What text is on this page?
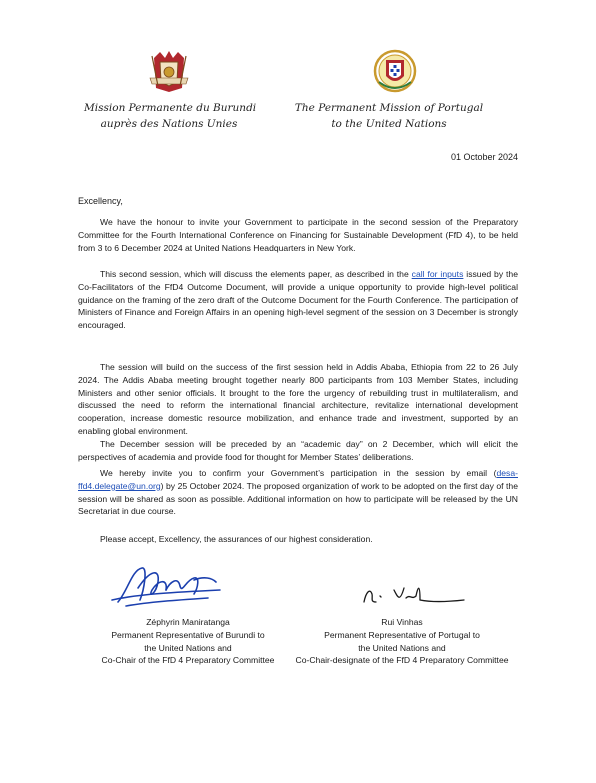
Mission Permanente du Burundi
auprès des Nations Unies
The Permanent Mission of Portugal
to the United Nations
01 October 2024
Excellency,

We have the honour to invite your Government to participate in the second session of the Preparatory Committee for the Fourth International Conference on Financing for Sustainable Development (FfD 4), to be held from 3 to 6 December 2024 at United Nations Headquarters in New York.

This second session, which will discuss the elements paper, as described in the call for inputs issued by the Co-Facilitators of the FfD4 Outcome Document, will provide a unique opportunity to provide high-level political guidance on the framing of the zero draft of the Outcome Document for the Fourth Conference. The participation of Ministers of Finance and Foreign Affairs in an opening high-level segment of the session on 3 December is strongly encouraged.

The session will build on the success of the first session held in Addis Ababa, Ethiopia from 22 to 26 July 2024. The Addis Ababa meeting brought together nearly 800 participants from 103 Member States, including Ministers and other senior officials. It brought to the fore the urgency of rebuilding trust in multilateralism, and discussed the need to reform the international financial architecture, revitalize international development cooperation, increase domestic resource mobilization, and enhance trade and investment, supported by an enabling global environment.

The December session will be preceded by an “academic day” on 2 December, which will elicit the perspectives of academia and provide food for thought for Member States’ deliberations.

We hereby invite you to confirm your Government’s participation in the session by email (desa-ffd4.delegate@un.org) by 25 October 2024. The proposed organization of work to be adopted on the first day of the session will be shared as soon as possible. Additional information on how to participate will be released by the UN Secretariat in due course.

Please accept, Excellency, the assurances of our highest consideration.

Zéphyrin Maniratanga
Permanent Representative of Burundi to
the United Nations and
Co-Chair of the FfD 4 Preparatory Committee
Rui Vinhas
Permanent Representative of Portugal to
the United Nations and
Co-Chair-designate of the FfD 4 Preparatory Committee
